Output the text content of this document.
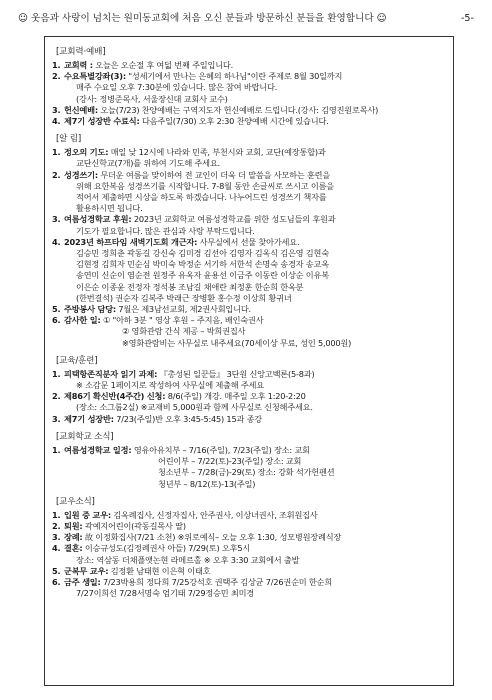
☺ 웃음과 사랑이 넘치는 원미동교회에 처음 오신 분들과 방문하신 분들을 환영합니다 ☺	-5-
[교회력·예배]
1. 교회력 : 오늘은 오순절 후 여덟 번째 주일입니다.
2. 수요특별강좌(3): "성세기에서 만나는 은혜의 하나님"이란 주제로 8월 30일까지
매주 수요일 오후 7:30분에 있습니다. 많은 참여 바랍니다.
(강사: 정병준목사, 서울장신대 교회사 교수)
3. 헌신예배: 오늘(7/23) 찬양예배는 구역지도자 헌신예배로 드립니다.(강사: 김영진원로목사)
4. 제7기 성장반 수료식: 다음주일(7/30) 오후 2:30 찬양예배 시간에 있습니다.
[알 림]
1. 정오의 기도: 매일 낮 12시에 나라와 민족, 부천시와 교회, 교단(예장통합)과
교단신학교(7개)를 위하여 기도해 주세요.
2. 성경쓰기: 무더운 여름을 맞이하여 전 교인이 더욱 더 말씀을 사모하는 훈련을
위해 요한복음 성경쓰기를 시작합니다. 7-8월 동안 손글씨로 쓰시고 이름을
적어서 제출하면 시상을 하도록 하겠습니다. 나누어드린 성경쓰기 책자를
활용하시면 됩니다.
3. 여름성경학교 후원: 2023년 교회학교 여름성경학교를 위한 성도님들의 후원과
기도가 필요합니다. 많은 관심과 사랑 부탁드립니다.
4. 2023년 하프타임 새벽기도회 개근자: 사무실에서 선물 찾아가세요.
김승민 정희춘 곽동길 강신숙 김미경 김선아 김영자 김옥식 김은영 김현숙
김현정 김희자 민순심 박미숙 박정순 서기하 서한석 손명숙 송경자 송교옥
송연미 신순이 염순전 원정주 유옥자 윤용선 이금주 이동란 이상순 이유복
이은순 이종윤 전정자 정석봉 조남길 채애란 최정훈 한순희 한옥분
(한번결석) 권순자 김복주 박래근 장병환 홍수정 이상희 황귀녀
5. 주방봉사 담당: 7월은 제3남선교회, 제2권사회입니다.
6. 감사한 일: ① "아하 3분 " 영상 후원 – 주지음, 배인숙권사
② 영화관람 간식 제공 – 박희권집사
※영화관람비는 사무실로 내주세요(70세이상 무료, 성인 5,000원)
[교육/훈련]
1. 피택항존직분자 읽기 과제: 『총성된 일꾼들』 3단원 신앙고백론(5-8과)
※ 소감문 1페이지로 작성하여 사무실에 제출해 주세요
2. 제86기 확신반(4주간) 신청: 8/6(주일) 개강. 매주일 오후 1:20-2:20
(장소: 소그룹2실) ※교재비 5,000원과 함께 사무실로 신청해주세요.
3. 제7기 성장반: 7/23(주일)반 오후 3:45-5:45) 15과 종강
[교회학교 소식]
1. 여름성경학교 일정: 영유아유치부 – 7/16(주일), 7/23(주일) 장소: 교회
어린이부 – 7/22(토)-23(주일) 장소: 교회
청소년부 – 7/28(금)-29(토) 장소: 강화 석가헌펜션
청년부 – 8/12(토)-13(주일)
[교우소식]
1. 입원 중 교우: 김옥례집사, 신정자집사, 안주권사, 이상녀권사, 조휘원집사
2. 퇴원: 곽예지어린이(곽동길목사 딸)
3. 장례: 故 이정화집사(7/21 소천) ※위로예식– 오늘 오후 1:30, 성모병원장례식장
4. 결혼: 이승규성도(김정례권사 아들) 7/29(토) 오후5시
장소: 역삼동 더채플앳논현 라메르홀 ※ 오후 3:30 교회에서 출발
5. 군복무 교우: 김정환 남태현 이은혁 이태호
6. 금주 생일: 7/23박용희 정다희 7/25강석호 권택주 김상균 7/26권순미 한순희
7/27이희선 7/28서명숙 엄기태 7/29정승민 최미경
